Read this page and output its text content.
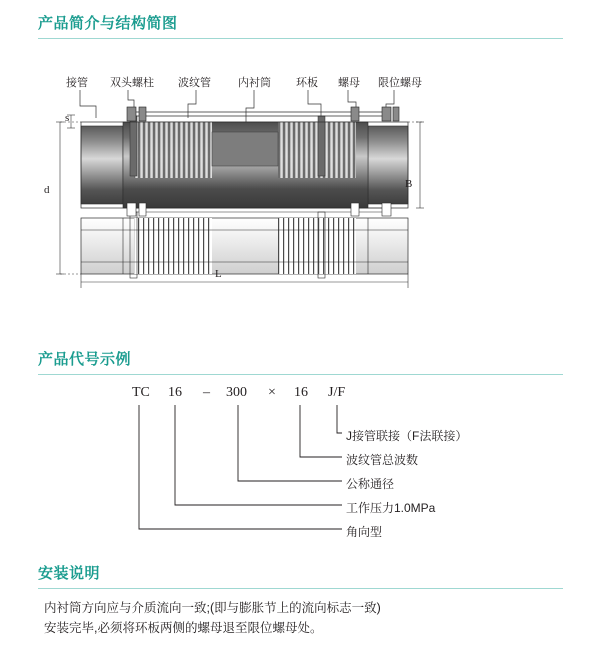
产品简介与结构简图
接管 双头螺柱 波纹管 内衬筒 环板 螺母 限位螺母
s
d	B
L
产品代号示例
TC 16 – 300 × 16 J/F
J接管联接（F法联接）
波纹管总波数
公称通径
工作压力1.0MPa
角向型
安装说明
内衬筒方向应与介质流向一致;(即与膨胀节上的流向标志一致)
安装完毕,必须将环板两侧的螺母退至限位螺母处。
